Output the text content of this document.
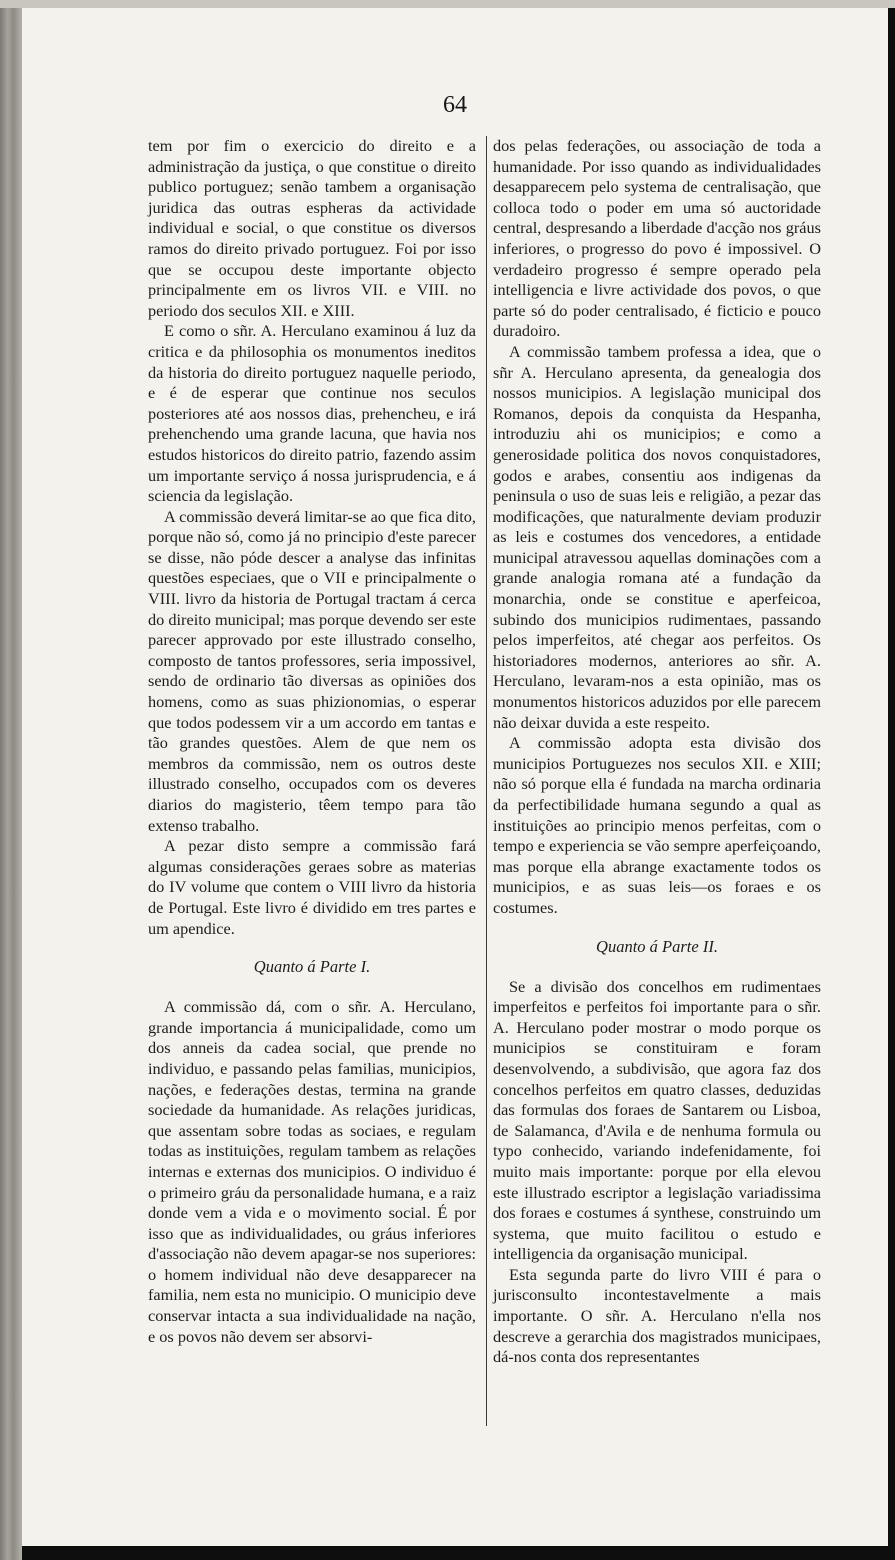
64

tem por fim o exercicio do direito e a administração da justiça, o que constitue o direito publico portuguez; senão tambem a organisação juridica das outras espheras da actividade individual e social, o que constitue os diversos ramos do direito privado portuguez. Foi por isso que se occupou deste importante objecto principalmente em os livros VII. e VIII. no periodo dos seculos XII. e XIII.

E como o sñr. A. Herculano examinou á luz da critica e da philosophia os monumentos ineditos da historia do direito portuguez naquelle periodo, e é de esperar que continue nos seculos posteriores até aos nossos dias, prehencheu, e irá prehenchendo uma grande lacuna, que havia nos estudos historicos do direito patrio, fazendo assim um importante serviço á nossa jurisprudencia, e á sciencia da legislação.

A commissão deverá limitar-se ao que fica dito, porque não só, como já no principio d'este parecer se disse, não póde descer a analyse das infinitas questões especiaes, que o VII e principalmente o VIII. livro da historia de Portugal tractam á cerca do direito municipal; mas porque devendo ser este parecer approvado por este illustrado conselho, composto de tantos professores, seria impossivel, sendo de ordinario tão diversas as opiniões dos homens, como as suas phizionomias, o esperar que todos podessem vir a um accordo em tantas e tão grandes questões. Alem de que nem os membros da commissão, nem os outros deste illustrado conselho, occupados com os deveres diarios do magisterio, têem tempo para tão extenso trabalho.

A pezar disto sempre a commissão fará algumas considerações geraes sobre as materias do IV volume que contem o VIII livro da historia de Portugal. Este livro é dividido em tres partes e um apendice.

Quanto á Parte I.

A commissão dá, com o sñr. A. Herculano, grande importancia á municipalidade, como um dos anneis da cadea social, que prende no individuo, e passando pelas familias, municipios, nações, e federações destas, termina na grande sociedade da humanidade. As relações juridicas, que assentam sobre todas as sociaes, e regulam todas as instituições, regulam tambem as relações internas e externas dos municipios. O individuo é o primeiro gráu da personalidade humana, e a raiz donde vem a vida e o movimento social. É por isso que as individualidades, ou gráus inferiores d'associação não devem apagar-se nos superiores: o homem individual não deve desapparecer na familia, nem esta no municipio. O municipio deve conservar intacta a sua individualidade na nação, e os povos não devem ser absorvi-

dos pelas federações, ou associação de toda a humanidade. Por isso quando as individualidades desapparecem pelo systema de centralisação, que colloca todo o poder em uma só auctoridade central, despresando a liberdade d'acção nos gráus inferiores, o progresso do povo é impossivel. O verdadeiro progresso é sempre operado pela intelligencia e livre actividade dos povos, o que parte só do poder centralisado, é ficticio e pouco duradoiro.

A commissão tambem professa a idea, que o sñr A. Herculano apresenta, da genealogia dos nossos municipios. A legislação municipal dos Romanos, depois da conquista da Hespanha, introduziu ahi os municipios; e como a generosidade politica dos novos conquistadores, godos e arabes, consentiu aos indigenas da peninsula o uso de suas leis e religião, a pezar das modificações, que naturalmente deviam produzir as leis e costumes dos vencedores, a entidade municipal atravessou aquellas dominações com a grande analogia romana até a fundação da monarchia, onde se constitue e aperfeicoa, subindo dos municipios rudimentaes, passando pelos imperfeitos, até chegar aos perfeitos. Os historiadores modernos, anteriores ao sñr. A. Herculano, levaram-nos a esta opinião, mas os monumentos historicos aduzidos por elle parecem não deixar duvida a este respeito.

A commissão adopta esta divisão dos municipios Portuguezes nos seculos XII. e XIII; não só porque ella é fundada na marcha ordinaria da perfectibilidade humana segundo a qual as instituições ao principio menos perfeitas, com o tempo e experiencia se vão sempre aperfeiçoando, mas porque ella abrange exactamente todos os municipios, e as suas leis—os foraes e os costumes.

Quanto á Parte II.

Se a divisão dos concelhos em rudimentaes imperfeitos e perfeitos foi importante para o sñr. A. Herculano poder mostrar o modo porque os municipios se constituiram e foram desenvolvendo, a subdivisão, que agora faz dos concelhos perfeitos em quatro classes, deduzidas das formulas dos foraes de Santarem ou Lisboa, de Salamanca, d'Avila e de nenhuma formula ou typo conhecido, variando indefenidamente, foi muito mais importante: porque por ella elevou este illustrado escriptor a legislação variadissima dos foraes e costumes á synthese, construindo um systema, que muito facilitou o estudo e intelligencia da organisação municipal.

Esta segunda parte do livro VIII é para o jurisconsulto incontestavelmente a mais importante. O sñr. A. Herculano n'ella nos descreve a gerarchia dos magistrados municipaes, dá-nos conta dos representantes
